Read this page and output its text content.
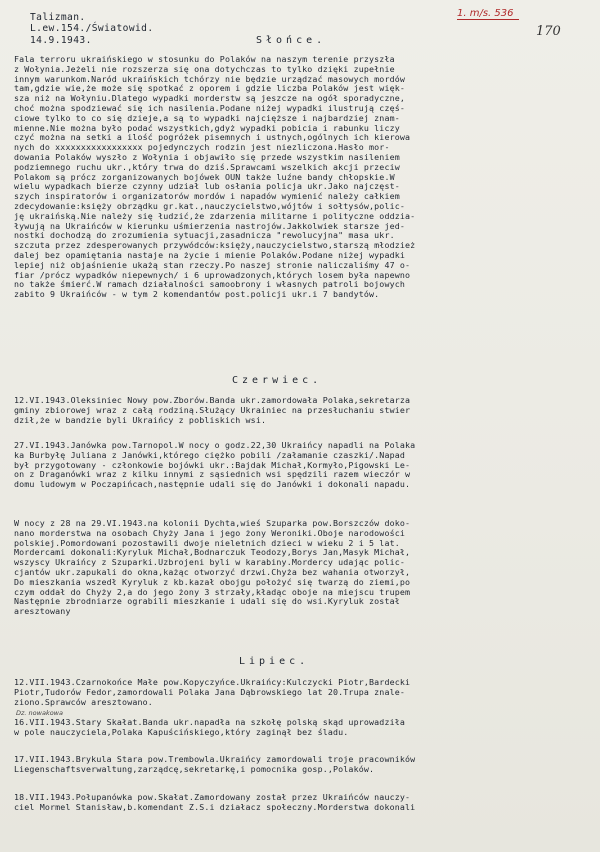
Talizman.
L.ew.154./Światowid.
14.9.1943.
1. m/s. 536
170
Słońce.
Fala terroru ukraińskiego w stosunku do Polaków na naszym terenie przyszła
z Wołynia.Jeżeli nie rozszerza się ona dotychczas to tylko dzięki zupełnie
innym warunkom.Naród ukraińskich tchórzy nie będzie urządzać masowych mordów
tam,gdzie wie,że może się spotkać z oporem i gdzie liczba Polaków jest więk-
sza niż na Wołyniu.Dlatego wypadki morderstw są jeszcze na ogół sporadyczne,
choć można spodziewać się ich nasilenia.Podane niżej wypadki ilustrują częś-
ciowe tylko to co się dzieje,a są to wypadki najcięższe i najbardziej znam-
mienne.Nie można było podać wszystkich,gdyż wypadki pobicia i rabunku liczy
czyć można na setki a ilość pogróżek pisemnych i ustnych,ogólnych ich kierowa
nych do xxxxxxxxxxxxxxxxx pojedynczych rodzin jest niezliczona.Hasło mor-
dowania Polaków wyszło z Wołynia i objawiło się przede wszystkim nasileniem
podziemnego ruchu ukr.,który trwa do dziś.Sprawcami wszelkich akcji przeciw
Polakom są prócz zorganizowanych bojówek OUN także luźne bandy chłopskie.W
wielu wypadkach bierze czynny udział lub osłania policja ukr.Jako najczęst-
szych inspiratorów i organizatorów mordów i napadów wymienić należy całkiem
zdecydowanie:księży obrządku gr.kat.,nauczycielstwo,wójtów i sołtysów,polic-
ję ukraińską.Nie należy się łudzić,że zdarzenia militarne i polityczne oddzia-
ływują na Ukraińców w kierunku uśmierzenia nastrojów.Jakkolwiek starsze jed-
nostki dochodzą do zrozumienia sytuacji,zasadnicza "rewolucyjna" masa ukr.
szczuta przez zdesperowanych przywódców:księży,nauczycielstwo,starszą młodzież
dalej bez opamiętania nastaje na życie i mienie Polaków.Podane niżej wypadki
lepiej niż objaśnienie ukażą stan rzeczy.Po naszej stronie naliczaliśmy 47 o-
fiar /prócz wypadków niepewnych/ i 6 uprowadzonych,których losem była napewno
no także śmierć.W ramach działalności samoobrony i własnych patroli bojowych
zabito 9 Ukraińców - w tym 2 komendantów post.policji ukr.i 7 bandytów.
Czerwiec.
12.VI.1943.Oleksiniec Nowy pow.Zborów.Banda ukr.zamordowała Polaka,sekretarza
gminy zbiorowej wraz z całą rodziną.Służący Ukrainiec na przesłuchaniu stwier
dził,że w bandzie byli Ukraińcy z pobliskich wsi.
27.VI.1943.Janówka pow.Tarnopol.W nocy o godz.22,30 Ukraińcy napadli na Polaka
ka Burbyłę Juliana z Janówki,którego ciężko pobili /załamanie czaszki/.Napad
był przygotowany - członkowie bojówki ukr.:Bajdak Michał,Kormyło,Pigowski Le-
on z Draganówki wraz z kilku innymi z sąsiednich wsi spędzili razem wieczór w
domu ludowym w Poczapińcach,następnie udali się do Janówki i dokonali napadu.
W nocy z 28 na 29.VI.1943.na kolonii Dychta,wieś Szuparka pow.Borszczów doko-
nano morderstwa na osobach Chyży Jana i jego żony Weroniki.Oboje narodowości
polskiej.Pomordowani pozostawili dwoje nieletnich dzieci w wieku 2 i 5 lat.
Mordercami dokonali:Kyryluk Michał,Bodnarczuk Teodozy,Borys Jan,Masyk Michał,
wszyscy Ukraińcy z Szuparki.Uzbrojeni byli w karabiny.Mordercy udając polic-
cjantów ukr.zapukali do okna,każąc otworzyć drzwi.Chyża bez wahania otworzył,
Do mieszkania wszedł Kyryluk z kb.kazał obojgu położyć się twarzą do ziemi,po
czym oddał do Chyży 2,a do jego żony 3 strzały,kładąc oboje na miejscu trupem
Następnie zbrodniarze ograbili mieszkanie i udali się do wsi.Kyryluk został
aresztowany
Lipiec.
12.VII.1943.Czarnokońce Małe pow.Kopyczyńce.Ukraińcy:Kulczycki Piotr,Bardecki
Piotr,Tudorów Fedor,zamordowali Polaka Jana Dąbrowskiego lat 20.Trupa znale-
ziono.Sprawców aresztowano.
Dz. nowakowa
16.VII.1943.Stary Skałat.Banda ukr.napadła na szkołę polską skąd uprowadziła
w pole nauczyciela,Polaka Kapuścińskiego,który zaginął bez śladu.
17.VII.1943.Brykula Stara pow.Trembowla.Ukraińcy zamordowali troje pracowników
Liegenschaftsverwaltung,zarządcę,sekretarkę,i pomocnika gosp.,Polaków.
18.VII.1943.Połupanówka pow.Skałat.Zamordowany został przez Ukraińców nauczy-
ciel Mormel Stanisław,b.komendant Z.S.i działacz społeczny.Morderstwa dokonali
